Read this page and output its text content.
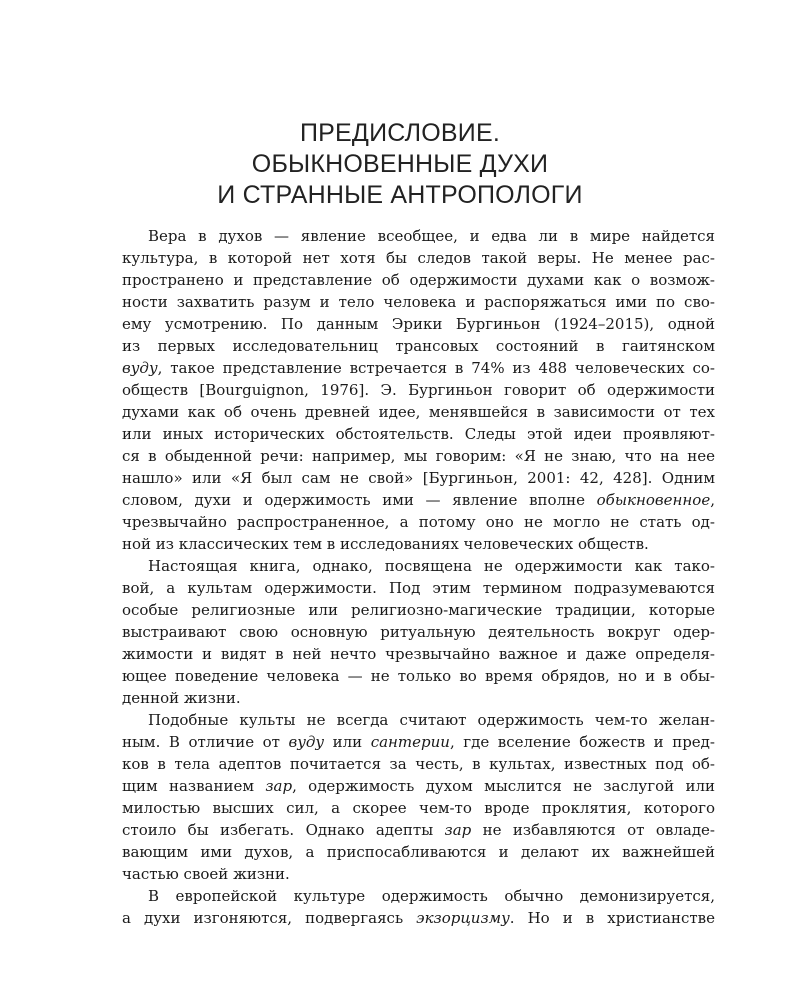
ПРЕДИСЛОВИЕ.
ОБЫКНОВЕННЫЕ ДУХИ
И СТРАННЫЕ АНТРОПОЛОГИ
Вера в духов — явление всеобщее, и едва ли в мире найдется
культура, в которой нет хотя бы следов такой веры. Не менее рас-
пространено и представление об одержимости духами как о возмож-
ности захватить разум и тело человека и распоряжаться ими по сво-
ему усмотрению. По данным Эрики Бургиньон (1924–2015), одной
из первых исследовательниц трансовых состояний в гаитянском
вуду, такое представление встречается в 74% из 488 человеческих со-
обществ [Bourguignon, 1976]. Э. Бургиньон говорит об одержимости
духами как об очень древней идее, менявшейся в зависимости от тех
или иных исторических обстоятельств. Следы этой идеи проявляют-
ся в обыденной речи: например, мы говорим: «Я не знаю, что на нее
нашло» или «Я был сам не свой» [Бургиньон, 2001: 42, 428]. Одним
словом, духи и одержимость ими — явление вполне обыкновенное,
чрезвычайно распространенное, а потому оно не могло не стать од-
ной из классических тем в исследованиях человеческих обществ.
Настоящая книга, однако, посвящена не одержимости как тако-
вой, а культам одержимости. Под этим термином подразумеваются
особые религиозные или религиозно-магические традиции, которые
выстраивают свою основную ритуальную деятельность вокруг одер-
жимости и видят в ней нечто чрезвычайно важное и даже определя-
ющее поведение человека — не только во время обрядов, но и в обы-
денной жизни.
Подобные культы не всегда считают одержимость чем-то желан-
ным. В отличие от вуду или сантерии, где вселение божеств и пред-
ков в тела адептов почитается за честь, в культах, известных под об-
щим названием зар, одержимость духом мыслится не заслугой или
милостью высших сил, а скорее чем-то вроде проклятия, которого
стоило бы избегать. Однако адепты зар не избавляются от овладе-
вающим ими духов, а приспосабливаются и делают их важнейшей
частью своей жизни.
В европейской культуре одержимость обычно демонизируется,
а духи изгоняются, подвергаясь экзорцизму. Но и в христианстве
